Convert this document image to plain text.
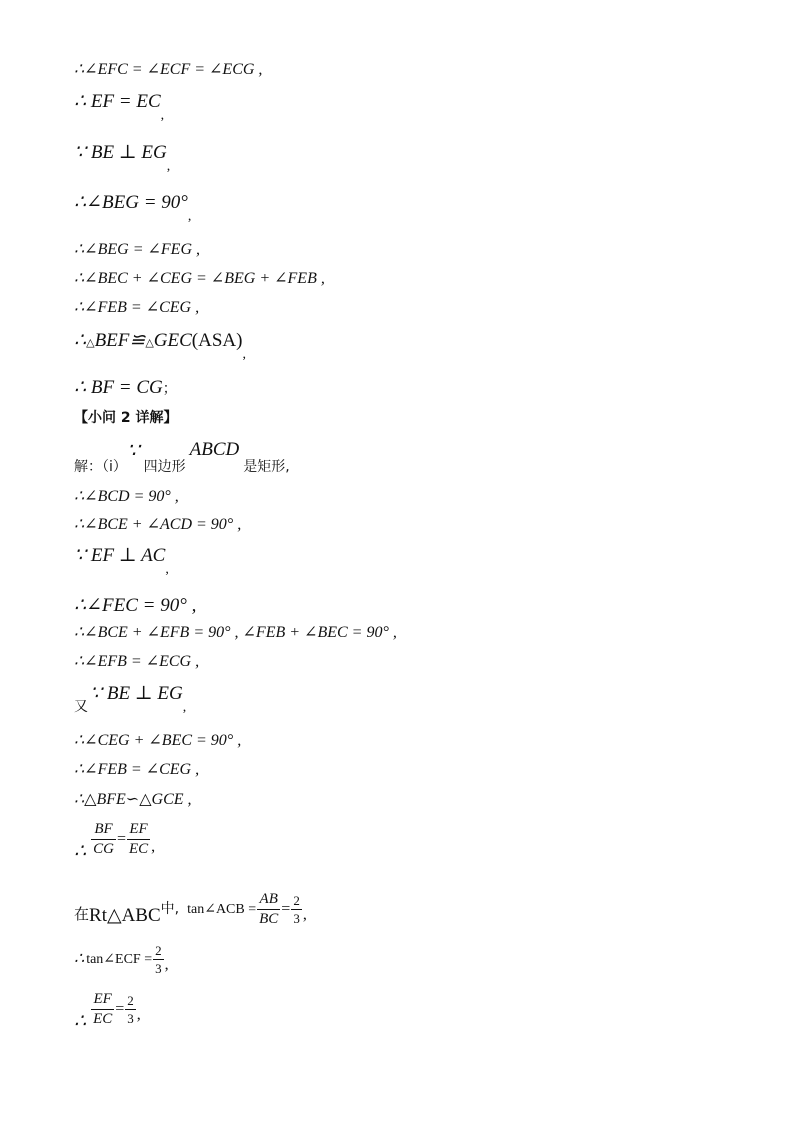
∴∠EFC = ∠ECF = ∠ECG ,
∴ EF = $EC_,$
∵ BE ⊥ $EG_,$
∴∠BEG = $90^\circ_,$
∴∠BEG = ∠FEG ,
∴∠BEC + ∠CEG = ∠BEG + ∠FEB ,
∴∠FEB = ∠CEG ,
$\therefore\triangle BEF≌\triangle GEC(ASA)_,$
∴ BF = CG；
【小问 2 详解】
解：（i）∵四边形ABCD是矩形,
∴∠BCD = 90° ,
∴∠BCE + ∠ACD = 90° ,
∵ EF ⊥ $AC_,$
∴∠FEC = 90° ,
∴∠BCE + ∠EFB = 90° , ∠FEB + ∠BEC = 90° ,
∴∠EFB = ∠ECG ,
又∵ BE ⊥ EG,
∴∠CEG + ∠BEC = 90° ,
∴∠FEB = ∠CEG ,
∴△BFE∽△GCE ,
∴ $\frac{BF}{CG} = \frac{EF}{EC}$ ,
在Rt△ABC中, tan∠ACB = $\frac{AB}{BC} = \frac{2}{3}$ ,
∴ tan∠ECF = $\frac{2}{3}$ ,
∴ $\frac{EF}{EC} = \frac{2}{3}$ ,
